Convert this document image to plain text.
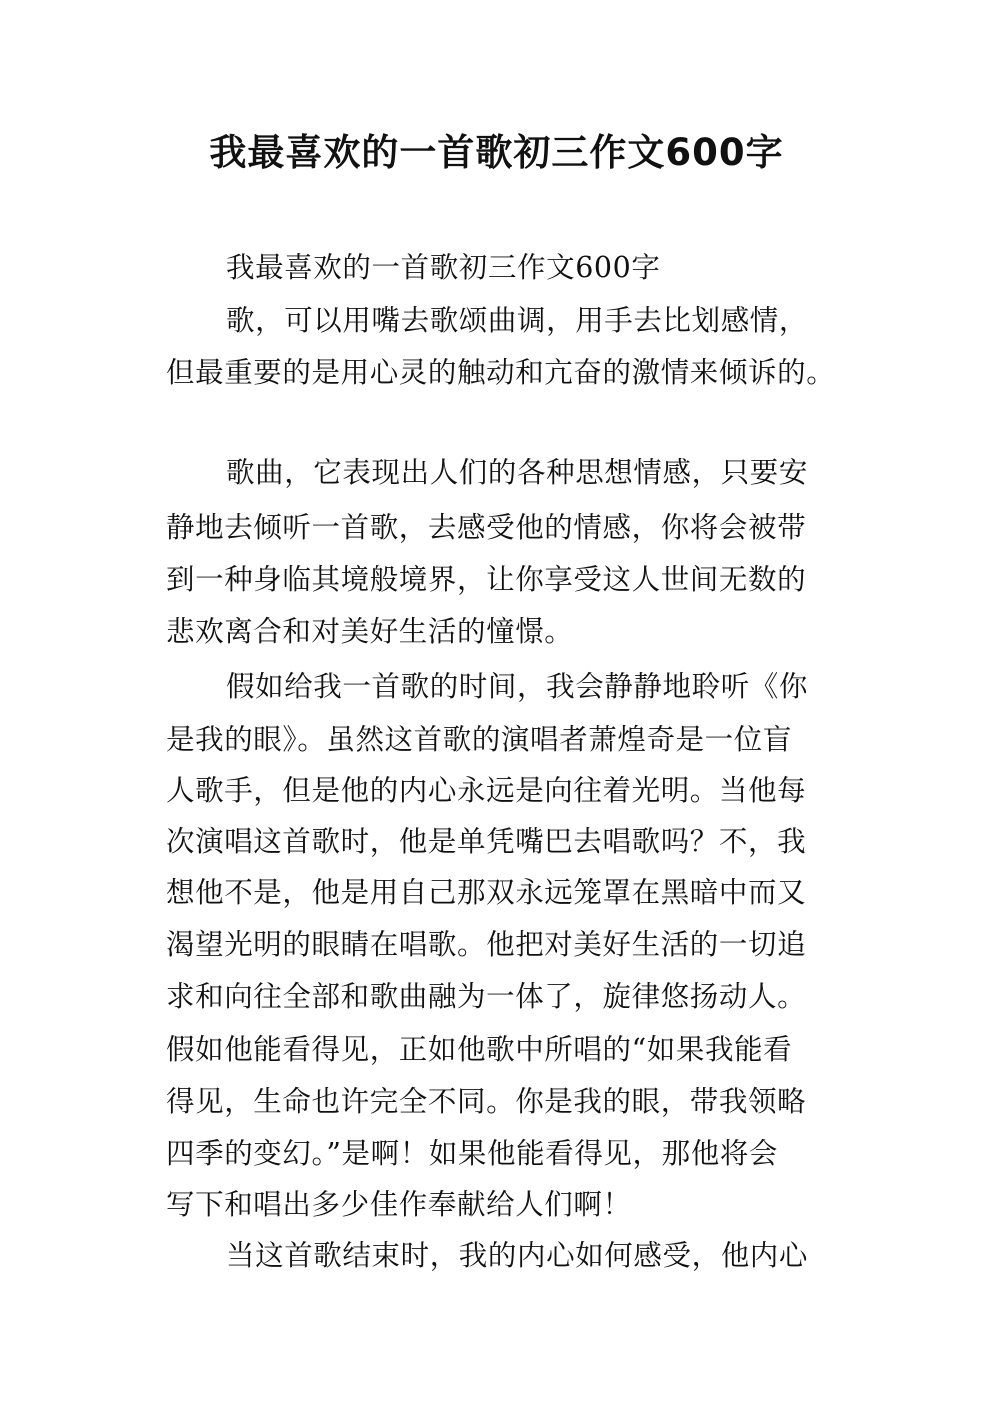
我最喜欢的一首歌初三作文600字
我最喜欢的一首歌初三作文600字
歌，可以用嘴去歌颂曲调，用手去比划感情，
但最重要的是用心灵的触动和亢奋的激情来倾诉的。
歌曲，它表现出人们的各种思想情感，只要安
静地去倾听一首歌，去感受他的情感，你将会被带
到一种身临其境般境界，让你享受这人世间无数的
悲欢离合和对美好生活的憧憬。
假如给我一首歌的时间，我会静静地聆听《你
是我的眼》。虽然这首歌的演唱者萧煌奇是一位盲
人歌手，但是他的内心永远是向往着光明。当他每
次演唱这首歌时，他是单凭嘴巴去唱歌吗？不，我
想他不是，他是用自己那双永远笼罩在黑暗中而又
渴望光明的眼睛在唱歌。他把对美好生活的一切追
求和向往全部和歌曲融为一体了，旋律悠扬动人。
假如他能看得见，正如他歌中所唱的“如果我能看
得见，生命也许完全不同。你是我的眼，带我领略
四季的变幻。”是啊！如果他能看得见，那他将会
写下和唱出多少佳作奉献给人们啊！
当这首歌结束时，我的内心如何感受，他内心
